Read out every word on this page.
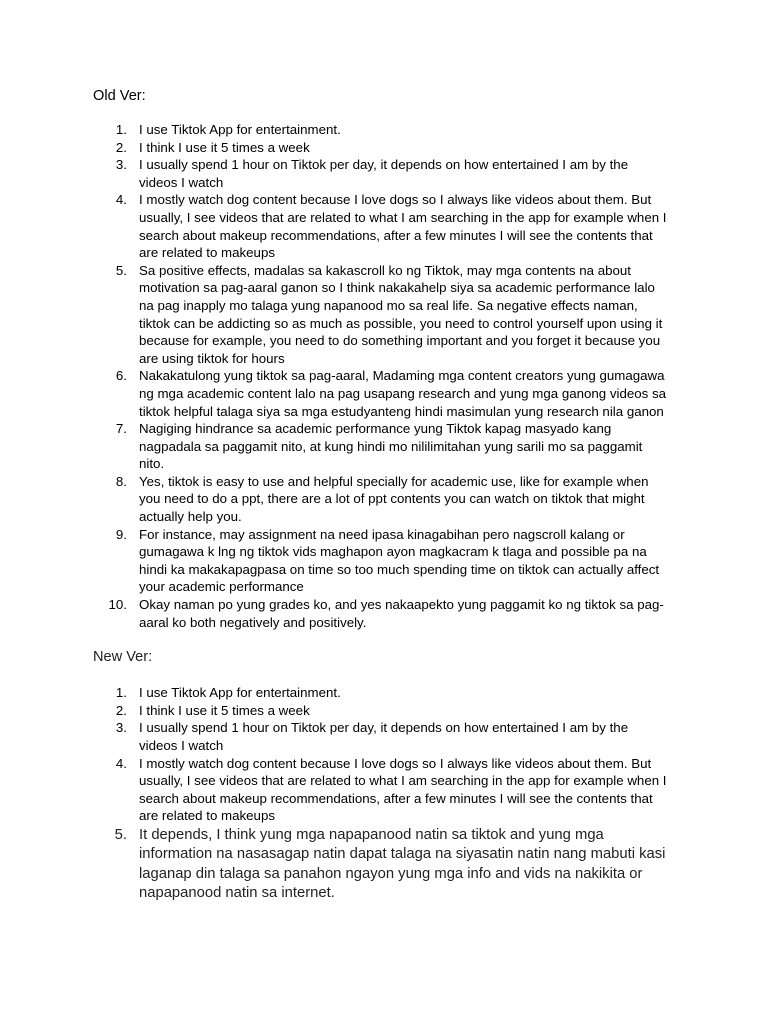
Old Ver:

1. I use Tiktok App for entertainment.
2. I think I use it 5 times a week
3. I usually spend 1 hour on Tiktok per day, it depends on how entertained I am by the videos I watch
4. I mostly watch dog content because I love dogs so I always like videos about them. But usually, I see videos that are related to what I am searching in the app for example when I search about makeup recommendations, after a few minutes I will see the contents that are related to makeups
5. Sa positive effects, madalas sa kakascroll ko ng Tiktok, may mga contents na about motivation sa pag-aaral ganon so I think nakakahelp siya sa academic performance lalo na pag inapply mo talaga yung napanood mo sa real life. Sa negative effects naman, tiktok can be addicting so as much as possible, you need to control yourself upon using it because for example, you need to do something important and you forget it because you are using tiktok for hours
6. Nakakatulong yung tiktok sa pag-aaral, Madaming mga content creators yung gumagawa ng mga academic content lalo na pag usapang research and yung mga ganong videos sa tiktok helpful talaga siya sa mga estudyanteng hindi masimulan yung research nila ganon
7. Nagiging hindrance sa academic performance yung Tiktok kapag masyado kang nagpadala sa paggamit nito, at kung hindi mo nililimitahan yung sarili mo sa paggamit nito.
8. Yes, tiktok is easy to use and helpful specially for academic use, like for example when you need to do a ppt, there are a lot of ppt contents you can watch on tiktok that might actually help you.
9. For instance, may assignment na need ipasa kinagabihan pero nagscroll kalang or gumagawa k lng ng tiktok vids maghapon ayon magkacram k tlaga and possible pa na hindi ka makakapagpasa on time so too much spending time on tiktok can actually affect your academic performance
10. Okay naman po yung grades ko, and yes nakaapekto yung paggamit ko ng tiktok sa pag-aaral ko both negatively and positively.

New Ver:

1. I use Tiktok App for entertainment.
2. I think I use it 5 times a week
3. I usually spend 1 hour on Tiktok per day, it depends on how entertained I am by the videos I watch
4. I mostly watch dog content because I love dogs so I always like videos about them. But usually, I see videos that are related to what I am searching in the app for example when I search about makeup recommendations, after a few minutes I will see the contents that are related to makeups
5. It depends, I think yung mga napapanood natin sa tiktok and yung mga information na nasasagap natin dapat talaga na siyasatin natin nang mabuti kasi laganap din talaga sa panahon ngayon yung mga info and vids na nakikita or napapanood natin sa internet.
